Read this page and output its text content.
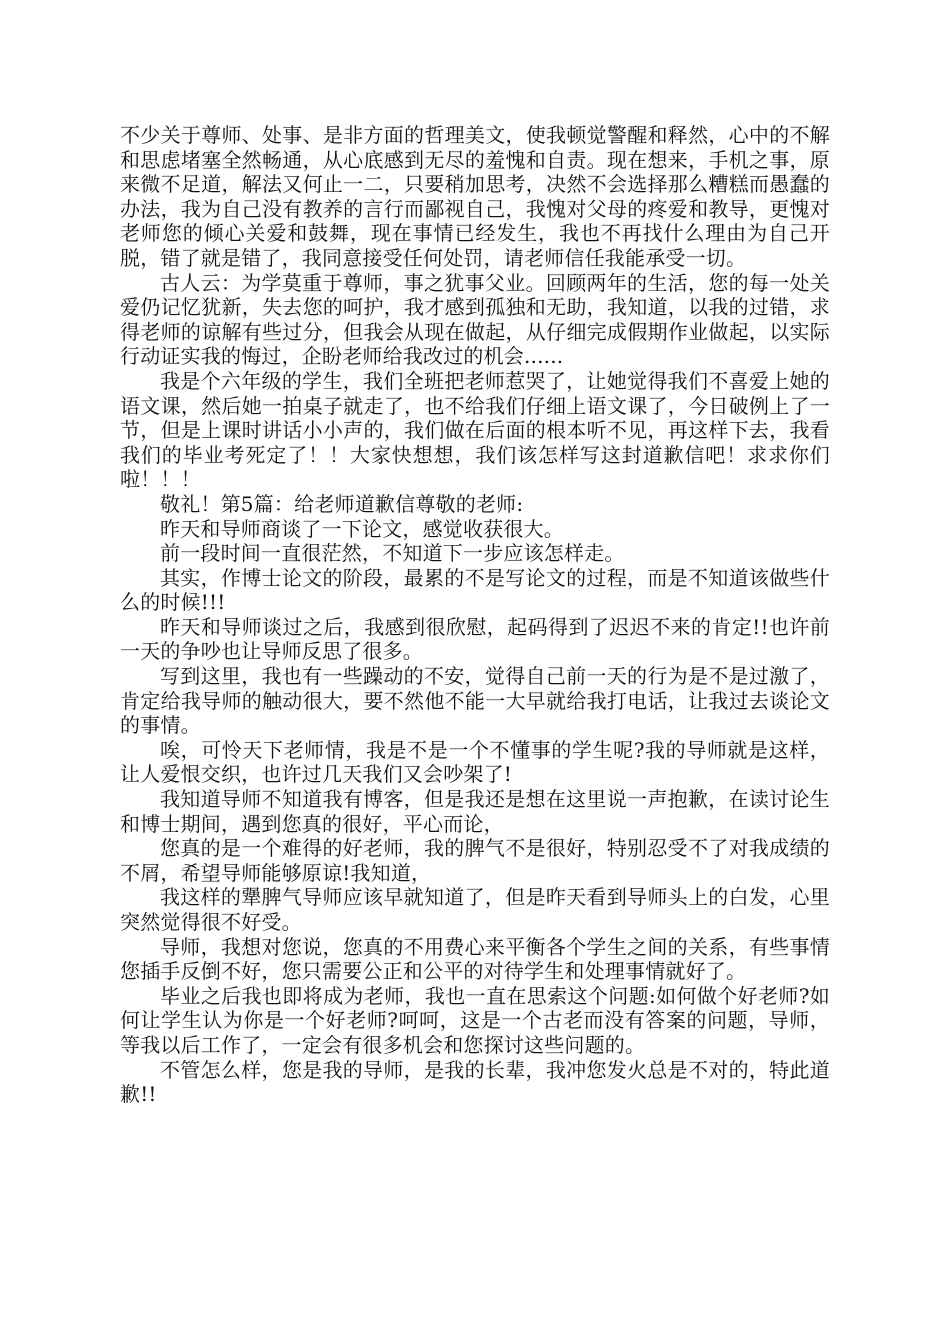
不少关于尊师、处事、是非方面的哲理美文，使我顿觉警醒和释然，心中的不解和思虑堵塞全然畅通，从心底感到无尽的羞愧和自责。现在想来，手机之事，原来微不足道，解法又何止一二，只要稍加思考，决然不会选择那么糟糕而愚蠢的办法，我为自己没有教养的言行而鄙视自己，我愧对父母的疼爱和教导，更愧对老师您的倾心关爱和鼓舞，现在事情已经发生，我也不再找什么理由为自己开脱，错了就是错了，我同意接受任何处罚，请老师信任我能承受一切。

古人云：为学莫重于尊师，事之犹事父业。回顾两年的生活，您的每一处关爱仍记忆犹新，失去您的呵护，我才感到孤独和无助，我知道，以我的过错，求得老师的谅解有些过分，但我会从现在做起，从仔细完成假期作业做起，以实际行动证实我的悔过，企盼老师给我改过的机会......

我是个六年级的学生，我们全班把老师惹哭了，让她觉得我们不喜爱上她的语文课，然后她一拍桌子就走了，也不给我们仔细上语文课了，今日破例上了一节，但是上课时讲话小小声的，我们做在后面的根本听不见，再这样下去，我看我们的毕业考死定了！！大家快想想，我们该怎样写这封道歉信吧！求求你们啦！！！

敬礼！第5篇：给老师道歉信尊敬的老师:

昨天和导师商谈了一下论文，感觉收获很大。

前一段时间一直很茫然，不知道下一步应该怎样走。

其实，作博士论文的阶段，最累的不是写论文的过程，而是不知道该做些什么的时候!!!

昨天和导师谈过之后，我感到很欣慰，起码得到了迟迟不来的肯定!!也许前一天的争吵也让导师反思了很多。

写到这里，我也有一些躁动的不安，觉得自己前一天的行为是不是过激了，肯定给我导师的触动很大，要不然他不能一大早就给我打电话，让我过去谈论文的事情。

唉，可怜天下老师情，我是不是一个不懂事的学生呢?我的导师就是这样，让人爱恨交织，也许过几天我们又会吵架了!

我知道导师不知道我有博客，但是我还是想在这里说一声抱歉，在读讨论生和博士期间，遇到您真的很好，平心而论，

您真的是一个难得的好老师，我的脾气不是很好，特别忍受不了对我成绩的不屑，希望导师能够原谅!我知道，

我这样的犟脾气导师应该早就知道了，但是昨天看到导师头上的白发，心里突然觉得很不好受。

导师，我想对您说，您真的不用费心来平衡各个学生之间的关系，有些事情您插手反倒不好，您只需要公正和公平的对待学生和处理事情就好了。

毕业之后我也即将成为老师，我也一直在思索这个问题:如何做个好老师?如何让学生认为你是一个好老师?呵呵，这是一个古老而没有答案的问题，导师，等我以后工作了，一定会有很多机会和您探讨这些问题的。

不管怎么样，您是我的导师，是我的长辈，我冲您发火总是不对的，特此道歉!!
